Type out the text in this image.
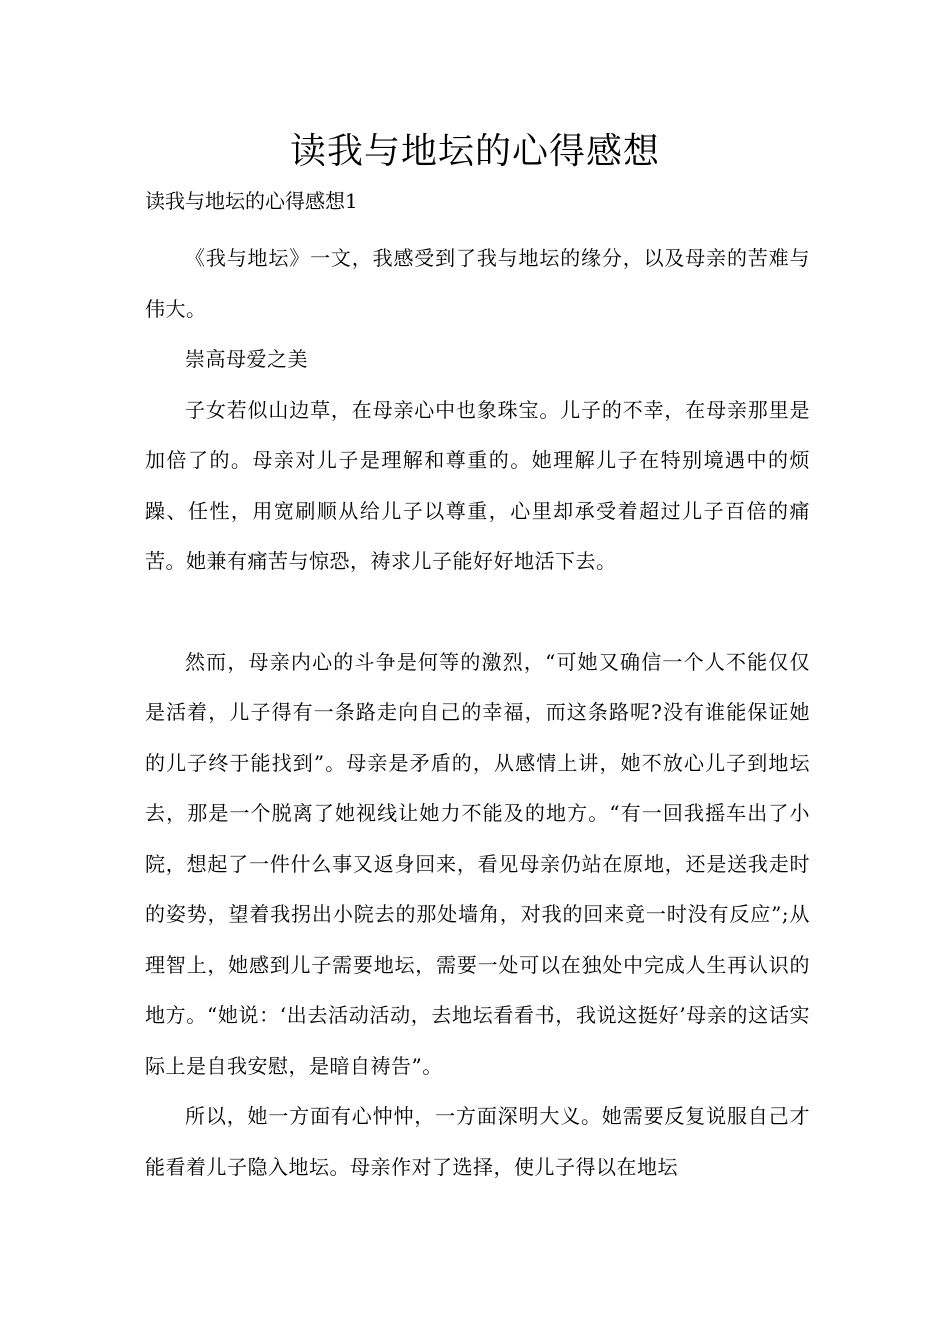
读我与地坛的心得感想

读我与地坛的心得感想1

《我与地坛》一文，我感受到了我与地坛的缘分，以及母亲的苦难与伟大。

崇高母爱之美

子女若似山边草，在母亲心中也象珠宝。儿子的不幸，在母亲那里是加倍了的。母亲对儿子是理解和尊重的。她理解儿子在特别境遇中的烦躁、任性，用宽刷顺从给儿子以尊重，心里却承受着超过儿子百倍的痛苦。她兼有痛苦与惊恐，祷求儿子能好好地活下去。

然而，母亲内心的斗争是何等的激烈，“可她又确信一个人不能仅仅是活着，儿子得有一条路走向自己的幸福，而这条路呢?没有谁能保证她的儿子终于能找到”。母亲是矛盾的，从感情上讲，她不放心儿子到地坛去，那是一个脱离了她视线让她力不能及的地方。“有一回我摇车出了小院，想起了一件什么事又返身回来，看见母亲仍站在原地，还是送我走时的姿势，望着我拐出小院去的那处墙角，对我的回来竟一时没有反应”;从理智上，她感到儿子需要地坛，需要一处可以在独处中完成人生再认识的地方。“她说：‘出去活动活动，去地坛看看书，我说这挺好’母亲的这话实际上是自我安慰，是暗自祷告”。

所以，她一方面有心忡忡，一方面深明大义。她需要反复说服自己才能看着儿子隐入地坛。母亲作对了选择，使儿子得以在地坛
